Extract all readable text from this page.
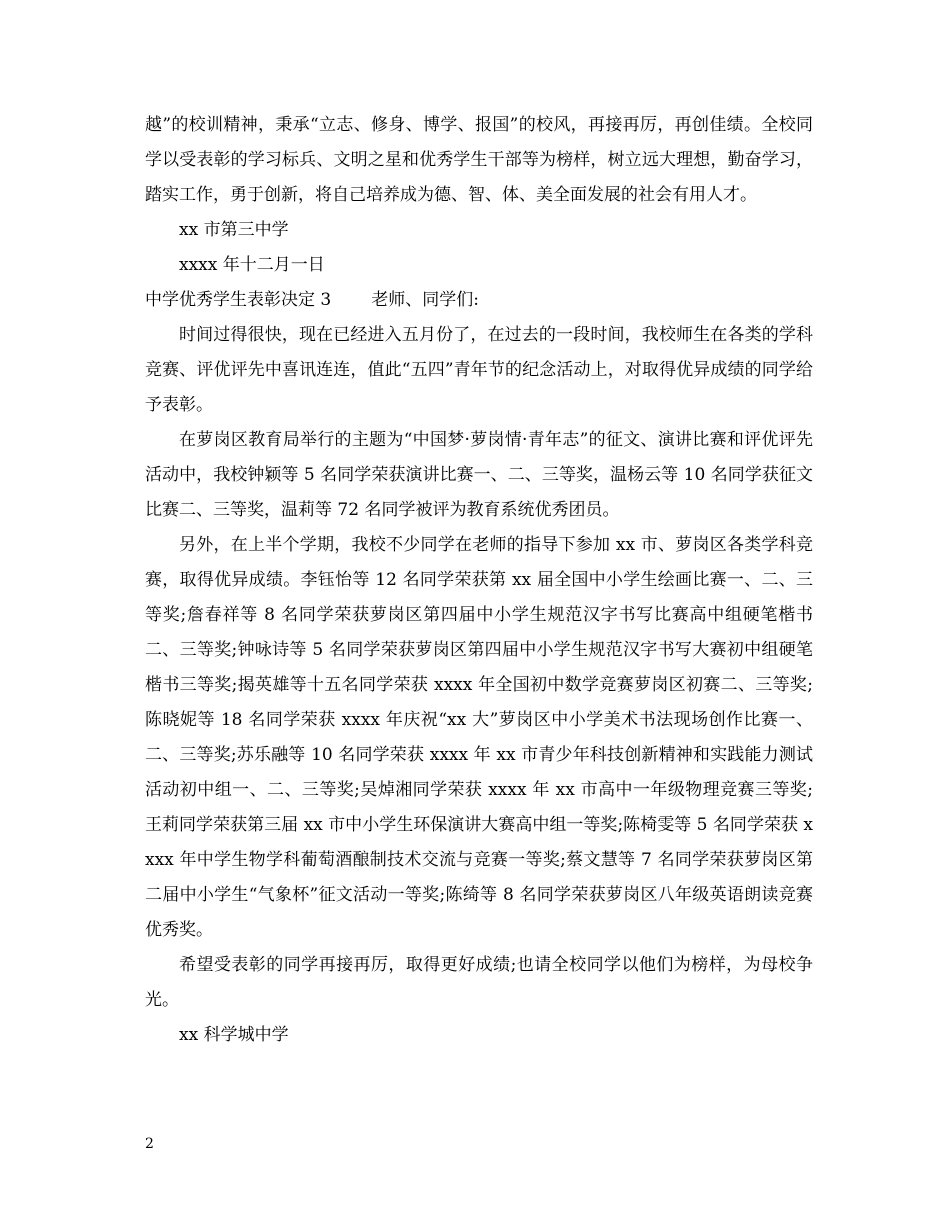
越”的校训精神，秉承“立志、修身、博学、报国”的校风，再接再厉，再创佳绩。全校同学以受表彰的学习标兵、文明之星和优秀学生干部等为榜样，树立远大理想，勤奋学习，踏实工作，勇于创新，将自己培养成为德、智、体、美全面发展的社会有用人才。

xx 市第三中学

xxxx 年十二月一日

中学优秀学生表彰决定 3 老师、同学们:

时间过得很快，现在已经进入五月份了，在过去的一段时间，我校师生在各类的学科竞赛、评优评先中喜讯连连，值此“五四”青年节的纪念活动上，对取得优异成绩的同学给予表彰。

在萝岗区教育局举行的主题为“中国梦·萝岗情·青年志”的征文、演讲比赛和评优评先活动中，我校钟颖等 5 名同学荣获演讲比赛一、二、三等奖，温杨云等 10 名同学获征文比赛二、三等奖，温莉等 72 名同学被评为教育系统优秀团员。

另外，在上半个学期，我校不少同学在老师的指导下参加 xx 市、萝岗区各类学科竞赛，取得优异成绩。李钰怡等 12 名同学荣获第 xx 届全国中小学生绘画比赛一、二、三等奖;詹春祥等 8 名同学荣获萝岗区第四届中小学生规范汉字书写比赛高中组硬笔楷书二、三等奖;钟咏诗等 5 名同学荣获萝岗区第四届中小学生规范汉字书写大赛初中组硬笔楷书三等奖;揭英雄等十五名同学荣获 xxxx 年全国初中数学竞赛萝岗区初赛二、三等奖;陈晓妮等 18 名同学荣获 xxxx 年庆祝“xx 大”萝岗区中小学美术书法现场创作比赛一、二、三等奖;苏乐融等 10 名同学荣获 xxxx 年 xx 市青少年科技创新精神和实践能力测试活动初中组一、二、三等奖;吴焯湘同学荣获 xxxx 年 xx 市高中一年级物理竞赛三等奖;王莉同学荣获第三届 xx 市中小学生环保演讲大赛高中组一等奖;陈椅雯等 5 名同学荣获 xxxx 年中学生物学科葡萄酒酿制技术交流与竞赛一等奖;蔡文慧等 7 名同学荣获萝岗区第二届中小学生“气象杯”征文活动一等奖;陈绮等 8 名同学荣获萝岗区八年级英语朗读竞赛优秀奖。

希望受表彰的同学再接再厉，取得更好成绩;也请全校同学以他们为榜样，为母校争光。

xx 科学城中学

2
